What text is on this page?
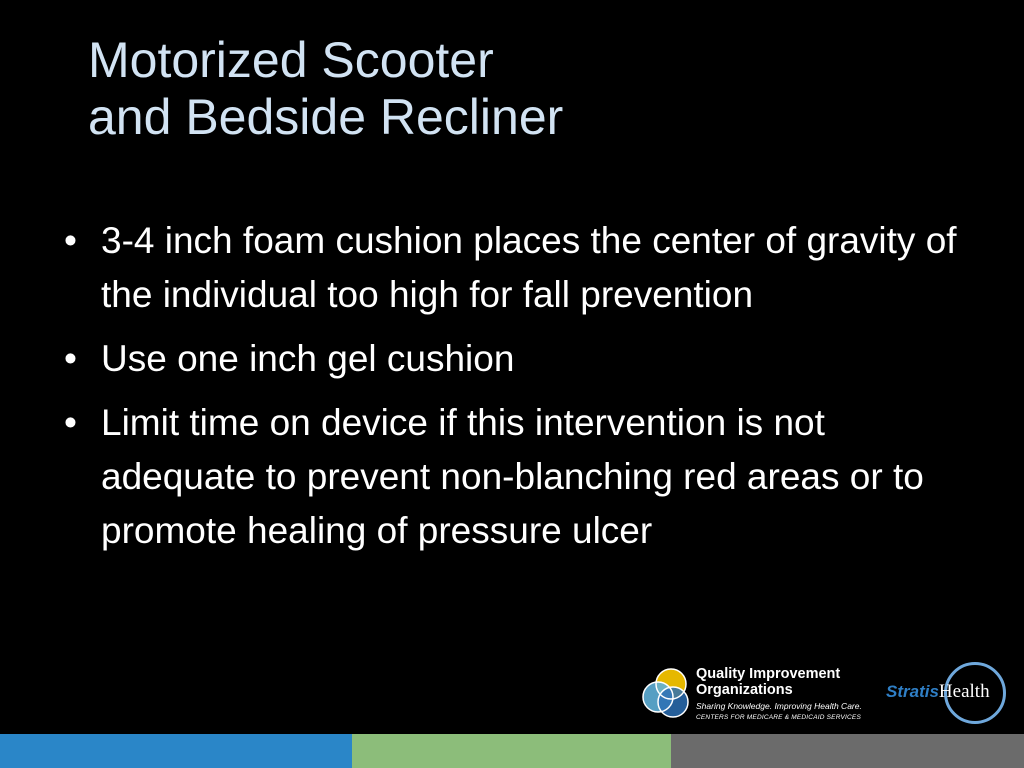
Motorized Scooter
and Bedside Recliner
• 3-4 inch foam cushion places the center of gravity of the individual too high for fall prevention
• Use one inch gel cushion
• Limit time on device if this intervention is not adequate to prevent non-blanching red areas or to promote healing of pressure ulcer
Quality Improvement
Organizations
Sharing Knowledge. Improving Health Care.
CENTERS FOR MEDICARE & MEDICAID SERVICES
StratisHealth
